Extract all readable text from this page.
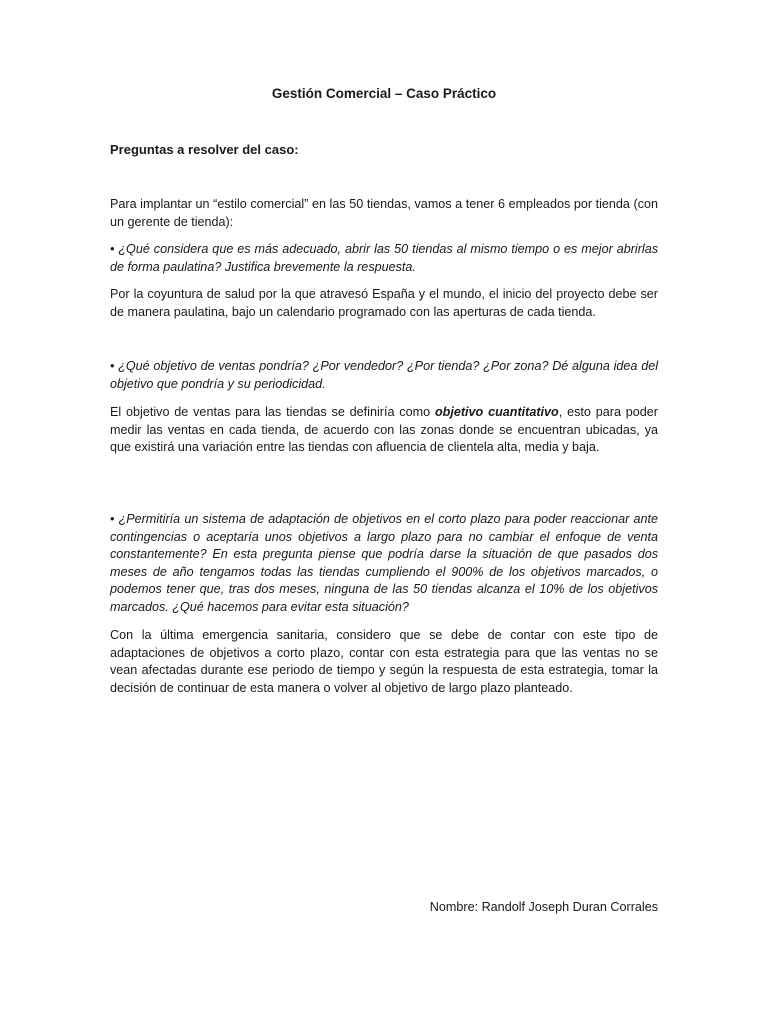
Gestión Comercial – Caso Práctico
Preguntas a resolver del caso:

Para implantar un “estilo comercial” en las 50 tiendas, vamos a tener 6 empleados por tienda (con un gerente de tienda):

• ¿Qué considera que es más adecuado, abrir las 50 tiendas al mismo tiempo o es mejor abrirlas de forma paulatina? Justifica brevemente la respuesta.

Por la coyuntura de salud por la que atravesó España y el mundo, el inicio del proyecto debe ser de manera paulatina, bajo un calendario programado con las aperturas de cada tienda.

• ¿Qué objetivo de ventas pondría? ¿Por vendedor? ¿Por tienda? ¿Por zona? Dé alguna idea del objetivo que pondría y su periodicidad.

El objetivo de ventas para las tiendas se definiría como objetivo cuantitativo, esto para poder medir las ventas en cada tienda, de acuerdo con las zonas donde se encuentran ubicadas, ya que existirá una variación entre las tiendas con afluencia de clientela alta, media y baja.

• ¿Permitiría un sistema de adaptación de objetivos en el corto plazo para poder reaccionar ante contingencias o aceptaría unos objetivos a largo plazo para no cambiar el enfoque de venta constantemente? En esta pregunta piense que podría darse la situación de que pasados dos meses de año tengamos todas las tiendas cumpliendo el 900% de los objetivos marcados, o podemos tener que, tras dos meses, ninguna de las 50 tiendas alcanza el 10% de los objetivos marcados. ¿Qué hacemos para evitar esta situación?

Con la última emergencia sanitaria, considero que se debe de contar con este tipo de adaptaciones de objetivos a corto plazo, contar con esta estrategia para que las ventas no se vean afectadas durante ese periodo de tiempo y según la respuesta de esta estrategia, tomar la decisión de continuar de esta manera o volver al objetivo de largo plazo planteado.

Nombre: Randolf Joseph Duran Corrales
